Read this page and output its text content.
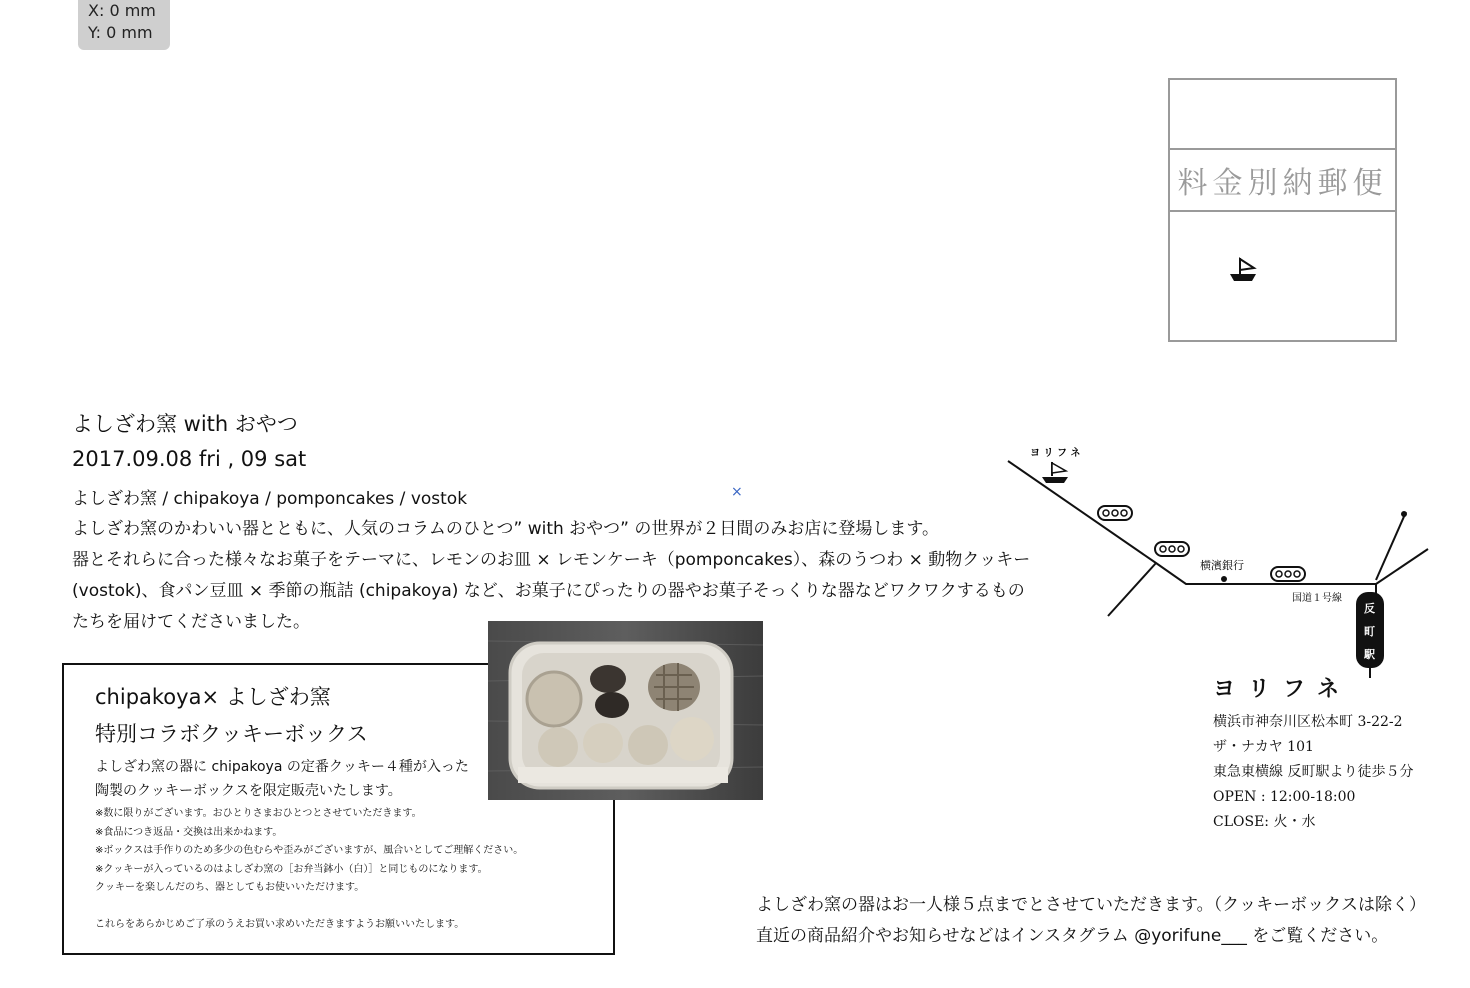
X: 0 mm
Y: 0 mm
料金別納郵便
よしざわ窯 with おやつ
2017.09.08 fri , 09 sat
よしざわ窯 / chipakoya / pomponcakes / vostok	×
よしざわ窯のかわいい器とともに、人気のコラムのひとつ” with おやつ” の世界が２日間のみお店に登場します。
器とそれらに合った様々なお菓子をテーマに、レモンのお皿 × レモンケーキ（pomponcakes）、森のうつわ × 動物クッキー
(vostok)、食パン豆皿 × 季節の瓶詰 (chipakoya) など、お菓子にぴったりの器やお菓子そっくりな器などワクワクするもの
たちを届けてくださいました。
chipakoya× よしざわ窯
特別コラボクッキーボックス
よしざわ窯の器に chipakoya の定番クッキー４種が入った
陶製のクッキーボックスを限定販売いたします。
※数に限りがございます。おひとりさまおひとつとさせていただきます。
※食品につき返品・交換は出来かねます。
※ボックスは手作りのため多少の色むらや歪みがございますが、風合いとしてご理解ください。
※クッキーが入っているのはよしざわ窯の［お弁当鉢小（白）］と同じものになります。
クッキーを楽しんだのち、器としてもお使いいただけます。
これらをあらかじめご了承のうえお買い求めいただきますようお願いいたします。
ヨ リ フ ネ
横濱銀行
国道１号線
反
町
駅
ヨリフネ
横浜市神奈川区松本町 3-22-2
ザ・ナカヤ 101
東急東横線 反町駅より徒歩５分
OPEN : 12:00-18:00
CLOSE: 火・水
よしざわ窯の器はお一人様５点までとさせていただきます。（クッキーボックスは除く）
直近の商品紹介やお知らせなどはインスタグラム @yorifune___ をご覧ください。
